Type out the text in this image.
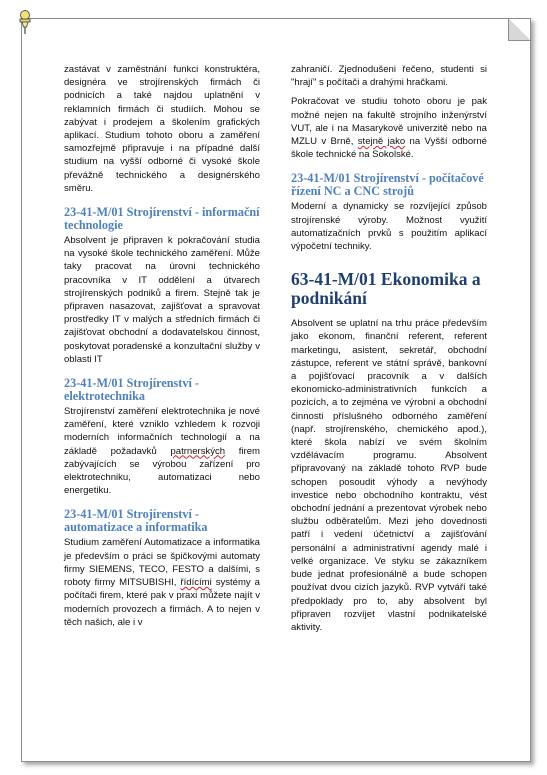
zastávat v zaměstnání funkci konstruktéra, designéra ve strojírenských firmách či podnicích a také najdou uplatnění v reklamních firmách či studiích. Mohou se zabývat i prodejem a školením grafických aplikací. Studium tohoto oboru a zaměření samozřejmě připravuje i na případné další studium na vyšší odborné či vysoké škole převážně technického a designérského směru.

23-41-M/01 Strojírenství - informační technologie

Absolvent je připraven k pokračování studia na vysoké škole technického zaměření. Může taky pracovat na úrovni technického pracovníka v IT oddělení a útvarech strojírenských podniků a firem. Stejně tak je připraven nasazovat, zajišťovat a spravovat prostředky IT v malých a středních firmách či zajišťovat obchodní a dodavatelskou činnost, poskytovat poradenské a konzultační služby v oblasti IT

23-41-M/01 Strojírenství - elektrotechnika

Strojírenství zaměření elektrotechnika je nové zaměření, které vzniklo vzhledem k rozvoji moderních informačních technologií a na základě požadavků patrnerských firem zabývajících se výrobou zařízení pro elektrotechniku, automatizaci nebo energetiku.

23-41-M/01 Strojírenství - automatizace a informatika

Studium zaměření Automatizace a informatika je především o práci se špičkovými automaty firmy SIEMENS, TECO, FESTO a dalšími, s roboty firmy MITSUBISHI, řídícími systémy a počítači firem, které pak v praxi můžete najít v moderních provozech a firmách. A to nejen v těch našich, ale i v

zahraničí. Zjednodušeni řečeno, studenti si "hrají" s počítači a drahými hračkami.

Pokračovat ve studiu tohoto oboru je pak možné nejen na fakultě strojního inženýrství VUT, ale i na Masarykově univerzitě nebo na MZLU v Brně, stejně jako na Vyšší odborné škole technické na Sokolské.

23-41-M/01 Strojírenství - počítačové řízení NC a CNC strojů

Moderní a dynamicky se rozvíjející způsob strojírenské výroby. Možnost využití automatizačních prvků s použitím aplikací výpočetní techniky.

63-41-M/01 Ekonomika a podnikání

Absolvent se uplatní na trhu práce především jako ekonom, finanční referent, referent marketingu, asistent, sekretář, obchodní zástupce, referent ve státní správě, bankovní a pojišťovací pracovník a v dalších ekonomicko-administrativních funkcích a pozicích, a to zejména ve výrobní a obchodní činnosti příslušného odborného zaměření (např. strojírenského, chemického apod.), které škola nabízí ve svém školním vzdělávacím programu. Absolvent připravovaný na základě tohoto RVP bude schopen posoudit výhody a nevýhody investice nebo obchodního kontraktu, vést obchodní jednání a prezentovat výrobek nebo službu odběratelům. Mezi jeho dovednosti patří i vedení účetnictví a zajišťování personální a administrativní agendy malé i velké organizace. Ve styku se zákazníkem bude jednat profesionálně a bude schopen používat dvou cizích jazyků. RVP vytváří také předpoklady pro to, aby absolvent byl připraven rozvíjet vlastní podnikatelské aktivity.
